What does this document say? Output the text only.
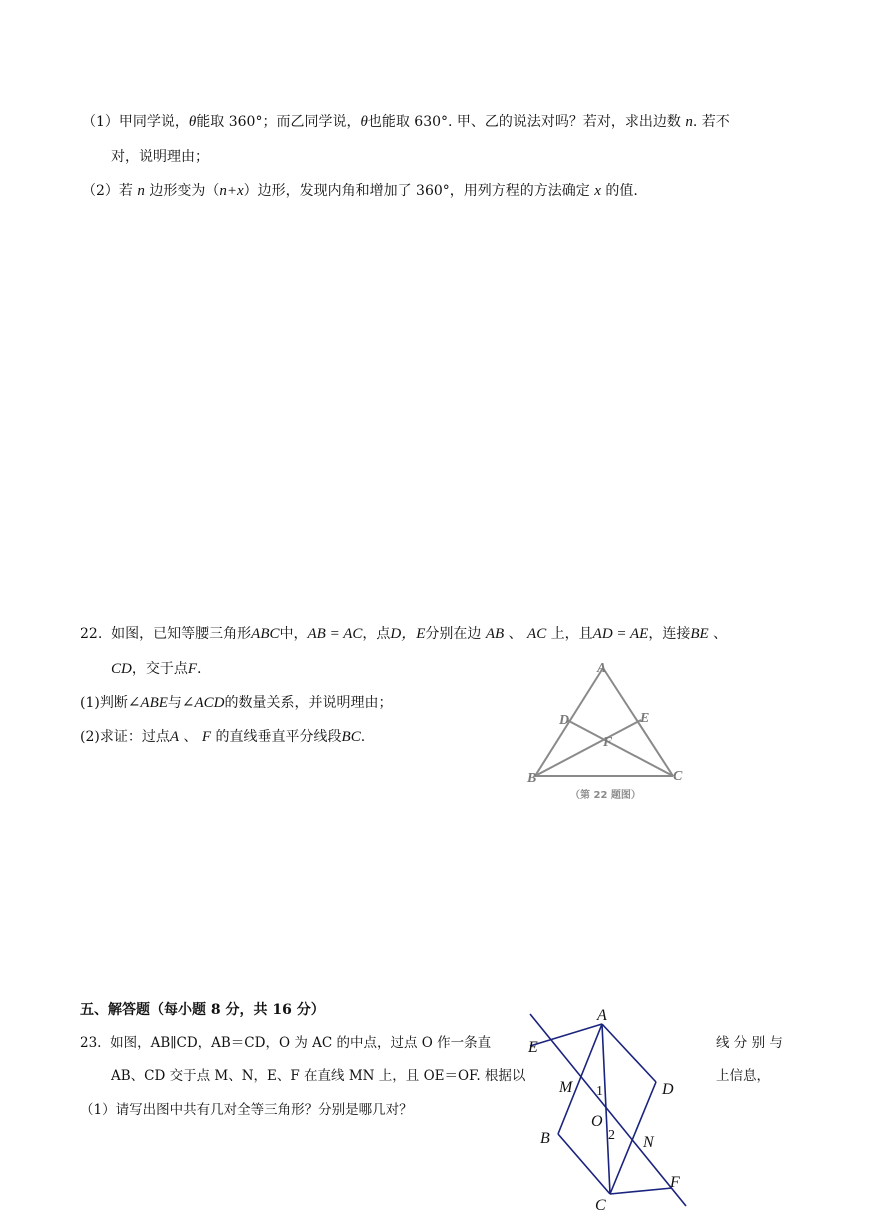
（1）甲同学说，θ能取 360°；而乙同学说，θ也能取 630°. 甲、乙的说法对吗？若对，求出边数 n. 若不
对，说明理由；
（2）若 n 边形变为（n+x）边形，发现内角和增加了 360°，用列方程的方法确定 x 的值.
22. 如图，已知等腰三角形ABC中，AB = AC，点D，E分别在边 AB 、 AC 上，且AD = AE，连接BE 、
CD，交于点F.
(1)判断∠ABE与∠ACD的数量关系，并说明理由；
(2)求证：过点A 、 F 的直线垂直平分线段BC.
A
B	C
D	E
F
（第 22 题图）
五、解答题（每小题 8 分，共 16 分）
23. 如图，AB∥CD，AB＝CD，O 为 AC 的中点，过点 O 作一条直	线 分 别 与
AB、CD 交于点 M、N，E、F 在直线 MN 上，且 OE＝OF. 根据以	上信息，
（1）请写出图中共有几对全等三角形？分别是哪几对？
A
E
M	D
O
B	N
F
C
1
2
